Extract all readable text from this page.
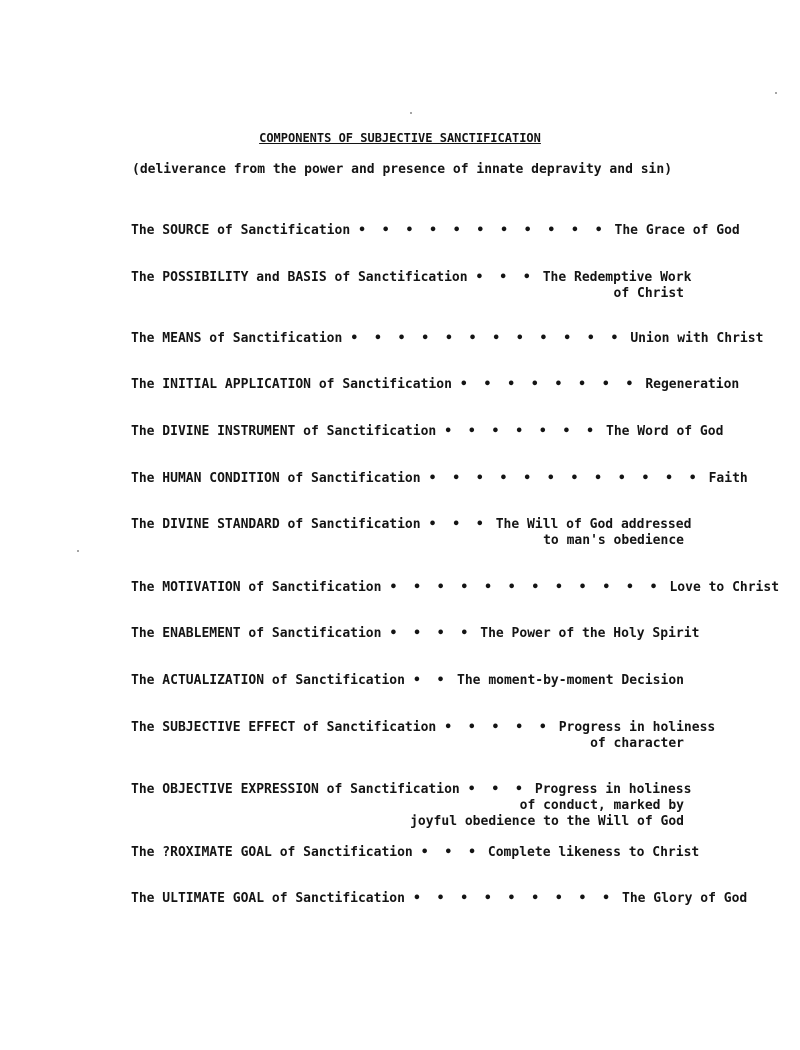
COMPONENTS OF SUBJECTIVE SANCTIFICATION
(deliverance from the power and presence of innate depravity and sin)
The SOURCE of Sanctification • • • • • • • • • • • The Grace of God
The POSSIBILITY and BASIS of Sanctification • • • The Redemptive Work
of Christ
The MEANS of Sanctification • • • • • • • • • • • • Union with Christ
The INITIAL APPLICATION of Sanctification • • • • • • • • Regeneration
The DIVINE INSTRUMENT of Sanctification • • • • • • • The Word of God
The HUMAN CONDITION of Sanctification • • • • • • • • • • • • Faith
The DIVINE STANDARD of Sanctification • • • The Will of God addressed
to man's obedience
The MOTIVATION of Sanctification • • • • • • • • • • • • Love to Christ
The ENABLEMENT of Sanctification • • • • The Power of the Holy Spirit
The ACTUALIZATION of Sanctification • • The moment-by-moment Decision
The SUBJECTIVE EFFECT of Sanctification • • • • • Progress in holiness
of character
The OBJECTIVE EXPRESSION of Sanctification • • • Progress in holiness
of conduct, marked by
joyful obedience to the Will of God
The ?ROXIMATE GOAL of Sanctification • • • Complete likeness to Christ
The ULTIMATE GOAL of Sanctification • • • • • • • • • The Glory of God
